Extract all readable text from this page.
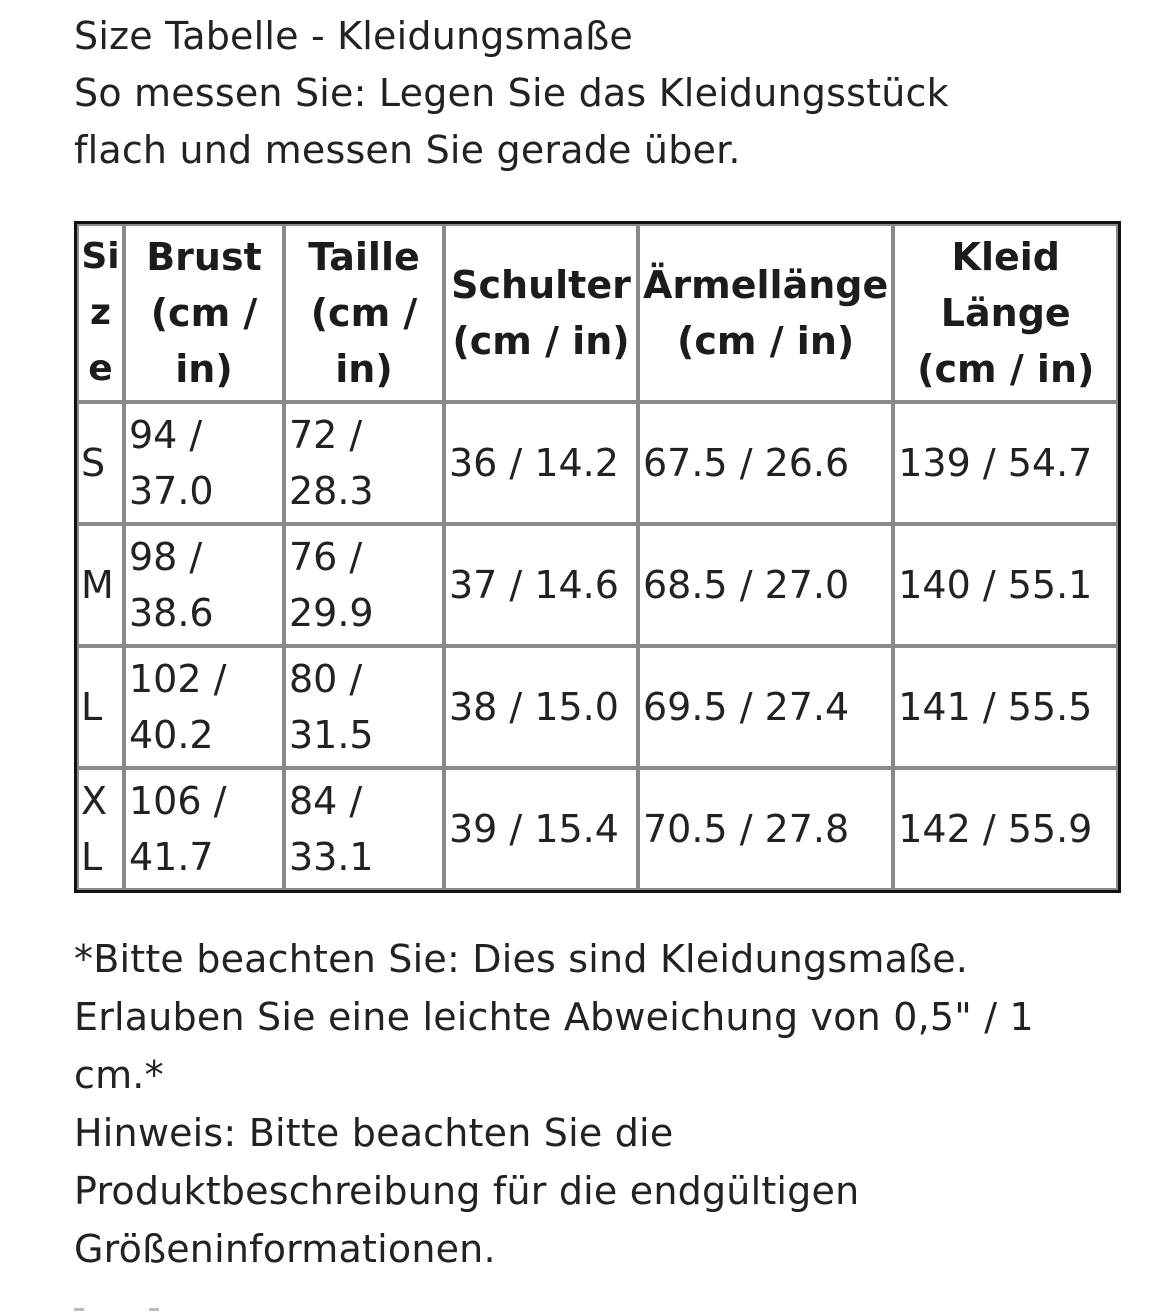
Size Tabelle - Kleidungsmaße
So messen Sie: Legen Sie das Kleidungsstück
flach und messen Sie gerade über.
Size	Brust (cm / in)	Taille (cm / in)	Schulter (cm / in)	Ärmellänge (cm / in)	Kleid Länge (cm / in)
S	94 / 37.0	72 / 28.3	36 / 14.2	67.5 / 26.6	139 / 54.7
M	98 / 38.6	76 / 29.9	37 / 14.6	68.5 / 27.0	140 / 55.1
L	102 / 40.2	80 / 31.5	38 / 15.0	69.5 / 27.4	141 / 55.5
XL	106 / 41.7	84 / 33.1	39 / 15.4	70.5 / 27.8	142 / 55.9
*Bitte beachten Sie: Dies sind Kleidungsmaße.
Erlauben Sie eine leichte Abweichung von 0,5" / 1
cm.*
Hinweis: Bitte beachten Sie die
Produktbeschreibung für die endgültigen
Größeninformationen.
